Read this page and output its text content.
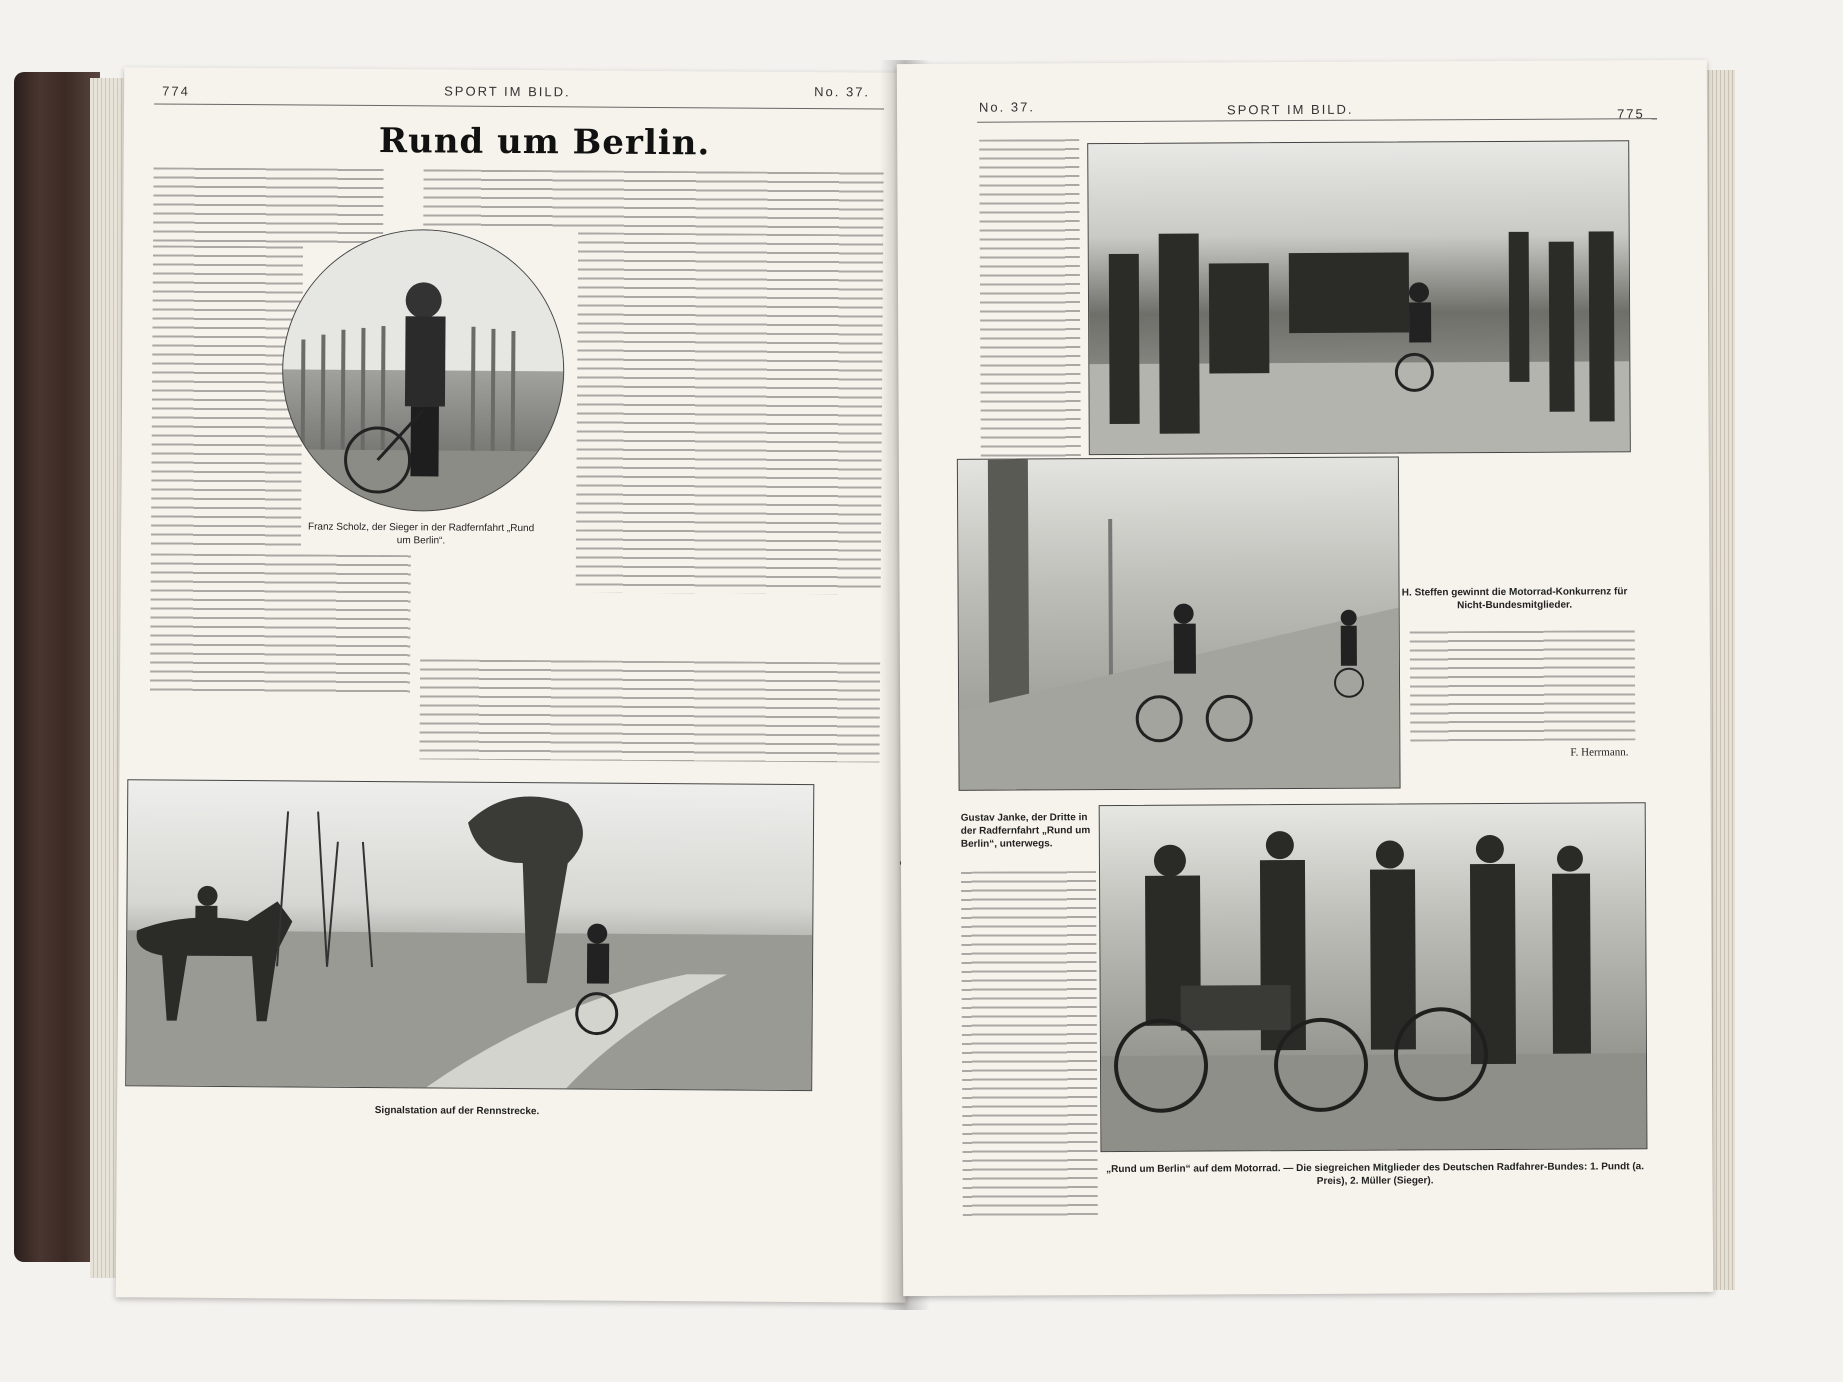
774	SPORT IM BILD.	No. 37.
Rund um Berlin.
Franz Scholz, der Sieger in der Radfernfahrt „Rund um Berlin“.
Signalstation auf der Rennstrecke.
No. 37.	SPORT IM BILD.	775
H. Steffen gewinnt die Motorrad-Konkurrenz für Nicht-Bundesmitglieder.
F. Herrmann.
Gustav Janke, der Dritte in der Radfernfahrt „Rund um Berlin“, unterwegs.
„Rund um Berlin“ auf dem Motorrad. — Die siegreichen Mitglieder des Deutschen Radfahrer-Bundes: 1. Pundt (a. Preis), 2. Müller (Sieger).
